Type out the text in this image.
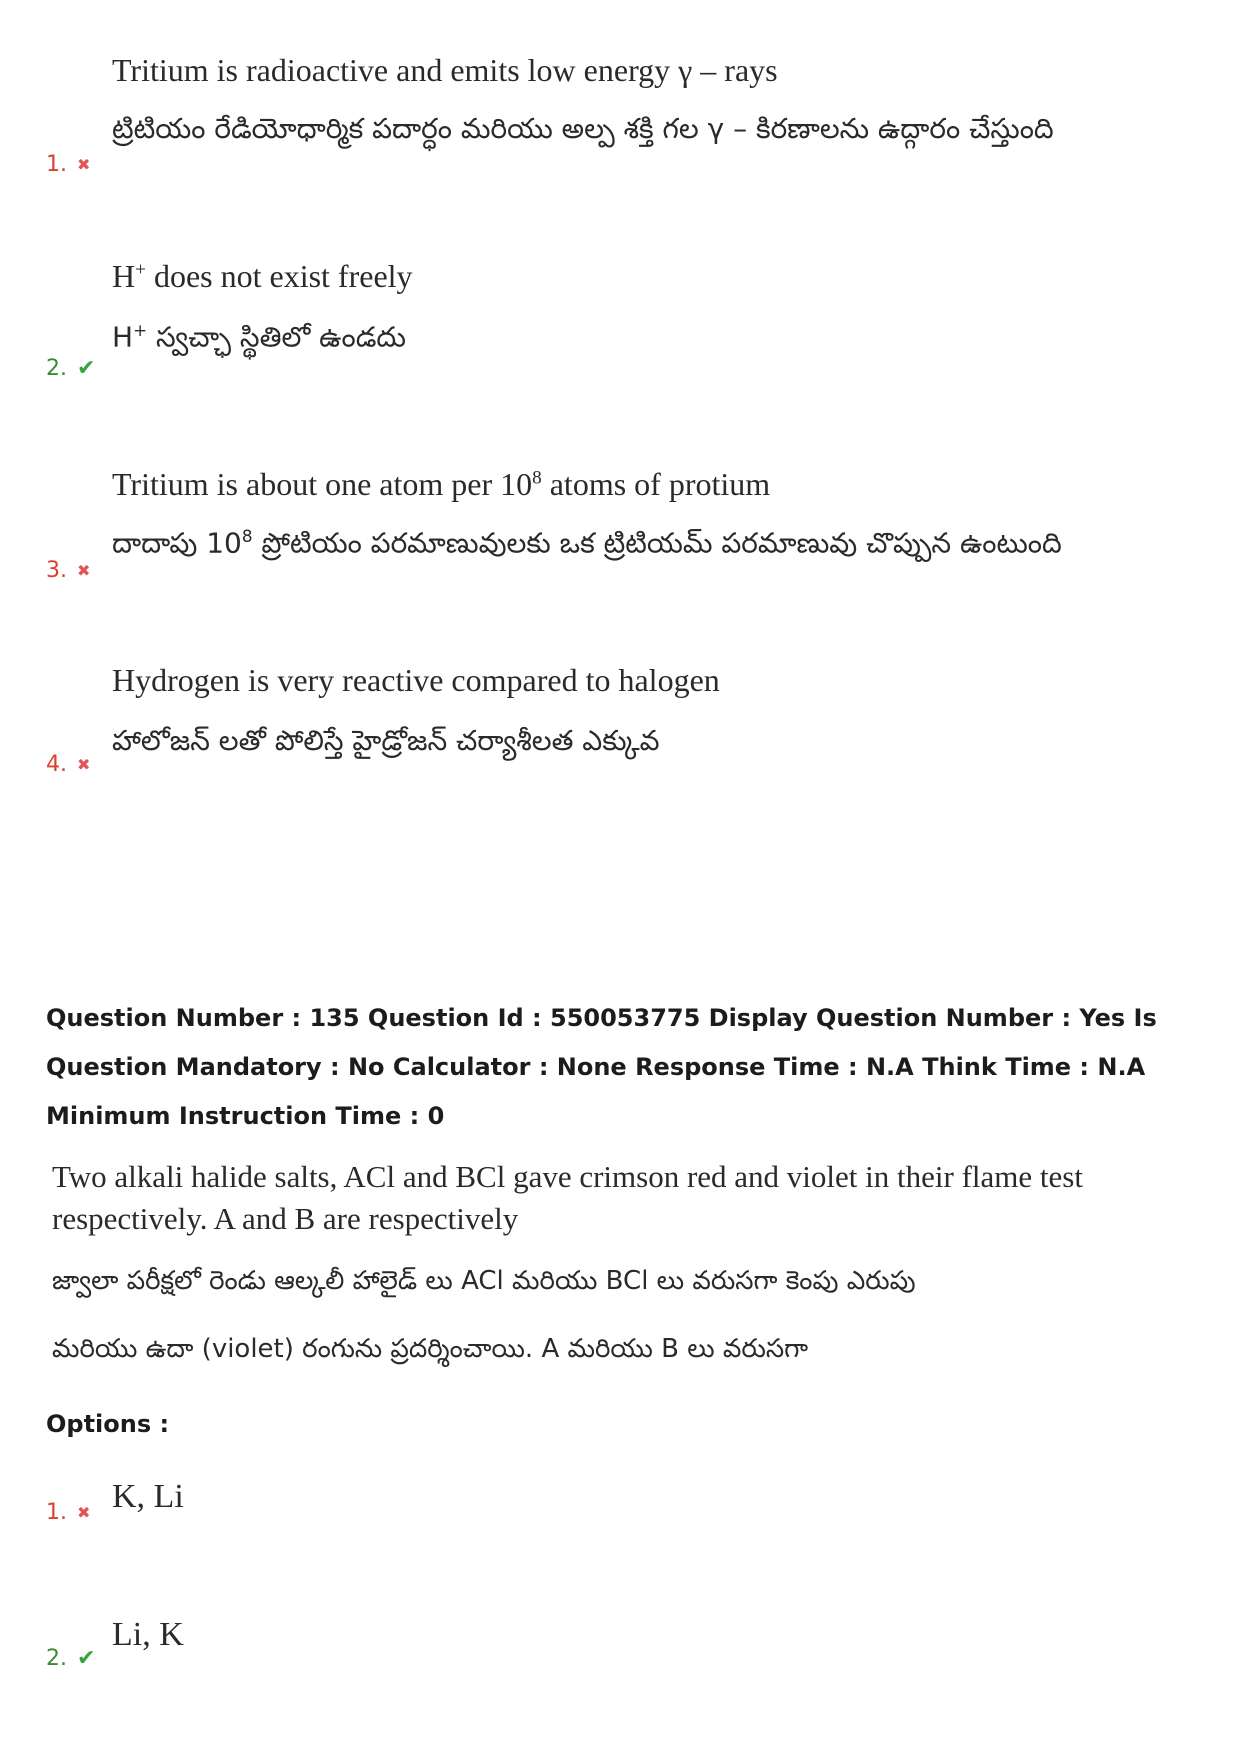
Tritium is radioactive and emits low energy γ – rays
ట్రిటియం రేడియోధార్మిక పదార్ధం మరియు అల్ప శక్తి గల γ – కిరణాలను ఉద్గారం చేస్తుంది
1. ✖
H+ does not exist freely
H+ స్వచ్ఛా స్థితిలో ఉండదు
2. ✔
Tritium is about one atom per $10^8$ atoms of protium
దాదాపు $10^8$ ప్రోటియం పరమాణువులకు ఒక ట్రిటియమ్ పరమాణువు చొప్పున ఉంటుంది
3. ✖
Hydrogen is very reactive compared to halogen
హాలోజన్ లతో పోలిస్తే హైడ్రోజన్ చర్యాశీలత ఎక్కువ
4. ✖
Question Number : 135 Question Id : 550053775 Display Question Number : Yes Is Question Mandatory : No Calculator : None Response Time : N.A Think Time : N.A Minimum Instruction Time : 0
Two alkali halide salts, ACl and BCl gave crimson red and violet in their flame test
respectively. A and B are respectively
జ్వాలా పరీక్షలో రెండు ఆల్కలీ హాలైడ్ లు ACl మరియు BCl లు వరుసగా కెంపు ఎరుపు
మరియు ఉదా (violet) రంగును ప్రదర్శించాయి. A మరియు B లు వరుసగా
Options :
K, Li
1. ✖
Li, K
2. ✔
